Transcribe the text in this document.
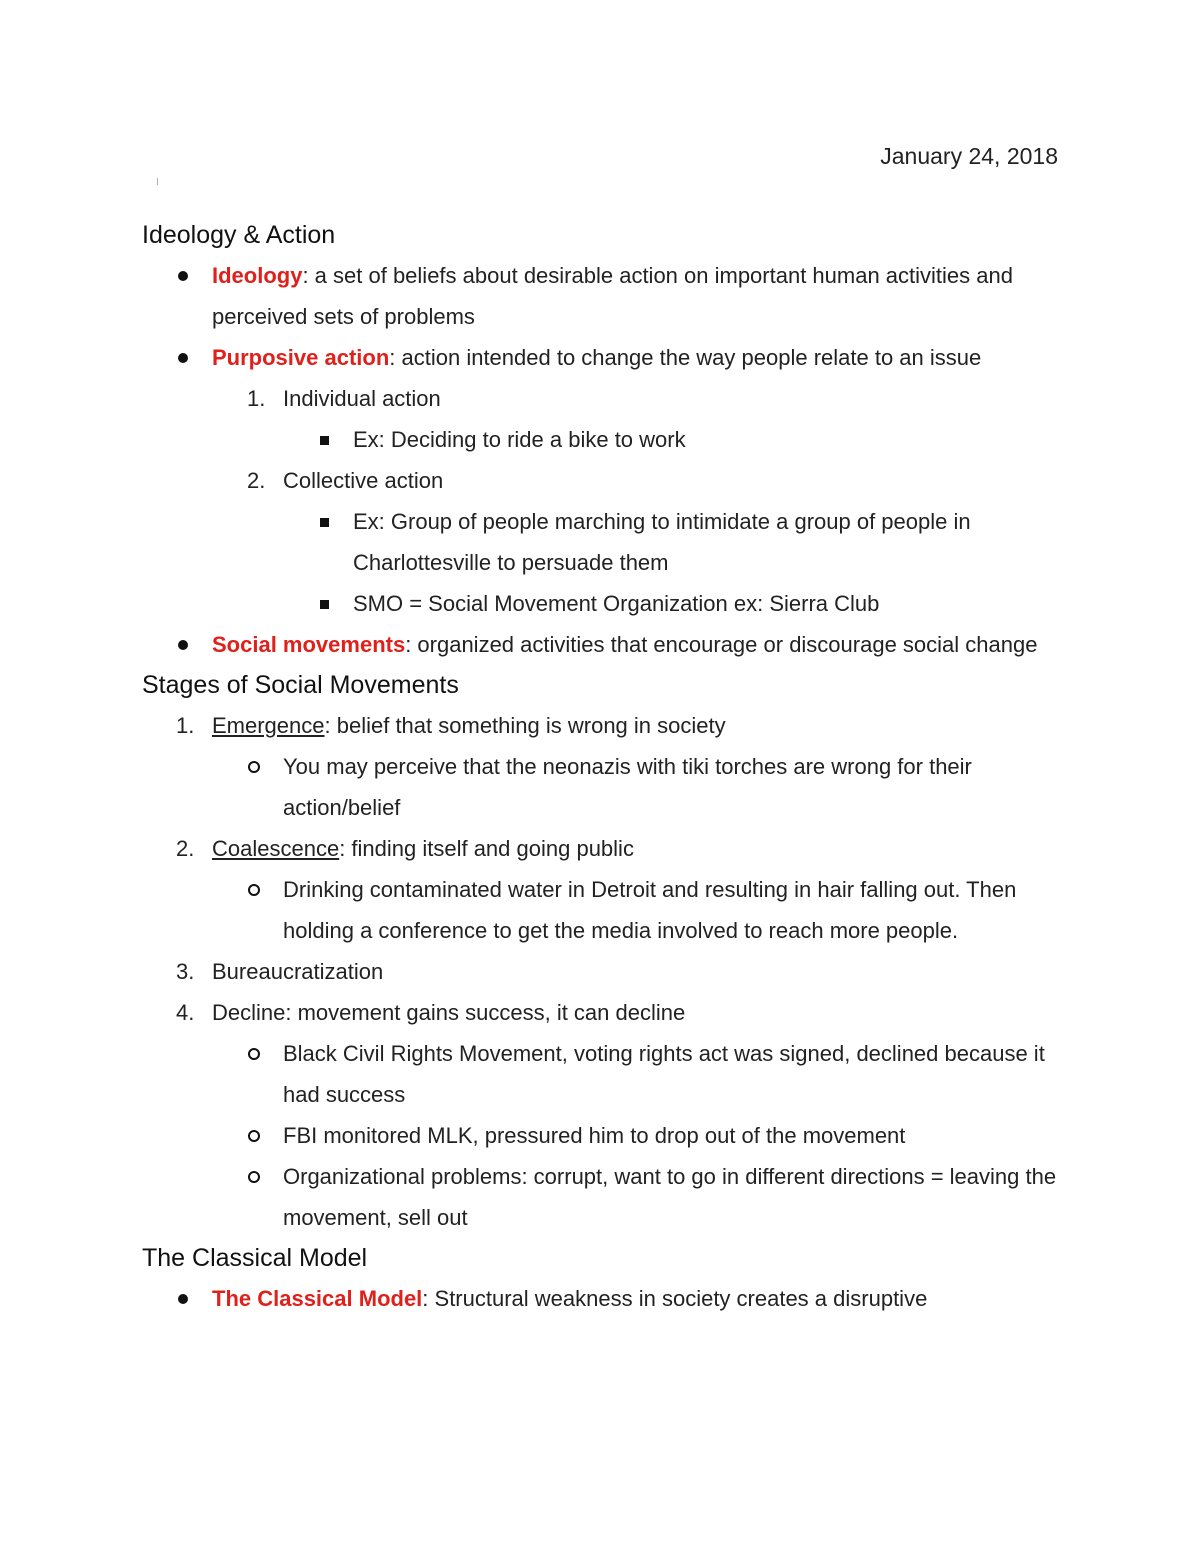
January 24, 2018
Ideology & Action
Ideology: a set of beliefs about desirable action on important human activities and perceived sets of problems
Purposive action: action intended to change the way people relate to an issue
1. Individual action
Ex: Deciding to ride a bike to work
2. Collective action
Ex: Group of people marching to intimidate a group of people in Charlottesville to persuade them
SMO = Social Movement Organization ex: Sierra Club
Social movements: organized activities that encourage or discourage social change
Stages of Social Movements
1. Emergence: belief that something is wrong in society
You may perceive that the neonazis with tiki torches are wrong for their action/belief
2. Coalescence: finding itself and going public
Drinking contaminated water in Detroit and resulting in hair falling out. Then holding a conference to get the media involved to reach more people.
3. Bureaucratization
4. Decline: movement gains success, it can decline
Black Civil Rights Movement, voting rights act was signed, declined because it had success
FBI monitored MLK, pressured him to drop out of the movement
Organizational problems: corrupt, want to go in different directions = leaving the movement, sell out
The Classical Model
The Classical Model: Structural weakness in society creates a disruptive
